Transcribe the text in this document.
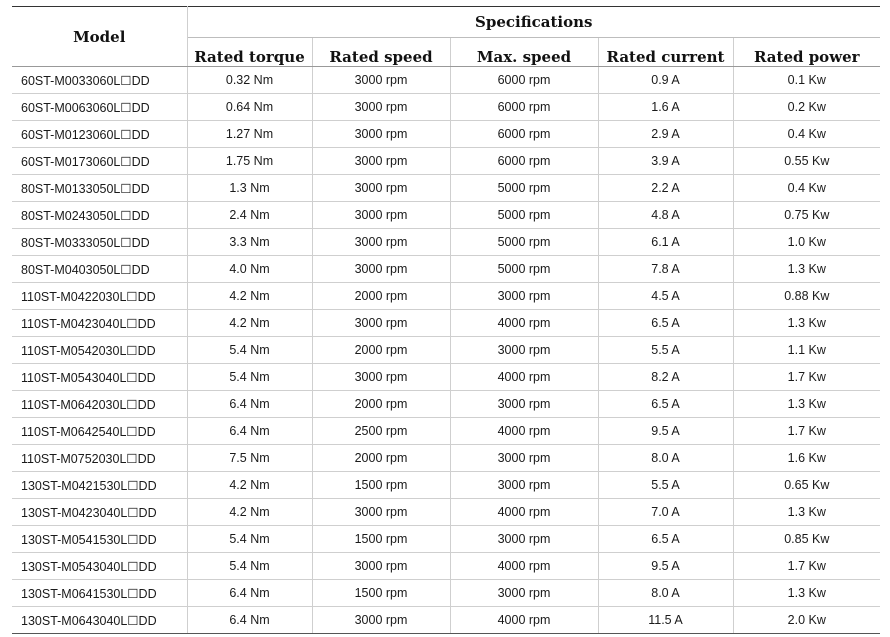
Model	Specifications				
	Rated torque	Rated speed	Max. speed	Rated current	Rated power
60ST-M0033060L☐DD	0.32 Nm	3000 rpm	6000 rpm	0.9 A	0.1 Kw
60ST-M0063060L☐DD	0.64 Nm	3000 rpm	6000 rpm	1.6 A	0.2 Kw
60ST-M0123060L☐DD	1.27 Nm	3000 rpm	6000 rpm	2.9 A	0.4 Kw
60ST-M0173060L☐DD	1.75 Nm	3000 rpm	6000 rpm	3.9 A	0.55 Kw
80ST-M0133050L☐DD	1.3 Nm	3000 rpm	5000 rpm	2.2 A	0.4 Kw
80ST-M0243050L☐DD	2.4 Nm	3000 rpm	5000 rpm	4.8 A	0.75 Kw
80ST-M0333050L☐DD	3.3 Nm	3000 rpm	5000 rpm	6.1 A	1.0 Kw
80ST-M0403050L☐DD	4.0 Nm	3000 rpm	5000 rpm	7.8 A	1.3 Kw
110ST-M0422030L☐DD	4.2 Nm	2000 rpm	3000 rpm	4.5 A	0.88 Kw
110ST-M0423040L☐DD	4.2 Nm	3000 rpm	4000 rpm	6.5 A	1.3 Kw
110ST-M0542030L☐DD	5.4 Nm	2000 rpm	3000 rpm	5.5 A	1.1 Kw
110ST-M0543040L☐DD	5.4 Nm	3000 rpm	4000 rpm	8.2 A	1.7 Kw
110ST-M0642030L☐DD	6.4 Nm	2000 rpm	3000 rpm	6.5 A	1.3 Kw
110ST-M0642540L☐DD	6.4 Nm	2500 rpm	4000 rpm	9.5 A	1.7 Kw
110ST-M0752030L☐DD	7.5 Nm	2000 rpm	3000 rpm	8.0 A	1.6 Kw
130ST-M0421530L☐DD	4.2 Nm	1500 rpm	3000 rpm	5.5 A	0.65 Kw
130ST-M0423040L☐DD	4.2 Nm	3000 rpm	4000 rpm	7.0 A	1.3 Kw
130ST-M0541530L☐DD	5.4 Nm	1500 rpm	3000 rpm	6.5 A	0.85 Kw
130ST-M0543040L☐DD	5.4 Nm	3000 rpm	4000 rpm	9.5 A	1.7 Kw
130ST-M0641530L☐DD	6.4 Nm	1500 rpm	3000 rpm	8.0 A	1.3 Kw
130ST-M0643040L☐DD	6.4 Nm	3000 rpm	4000 rpm	11.5 A	2.0 Kw
